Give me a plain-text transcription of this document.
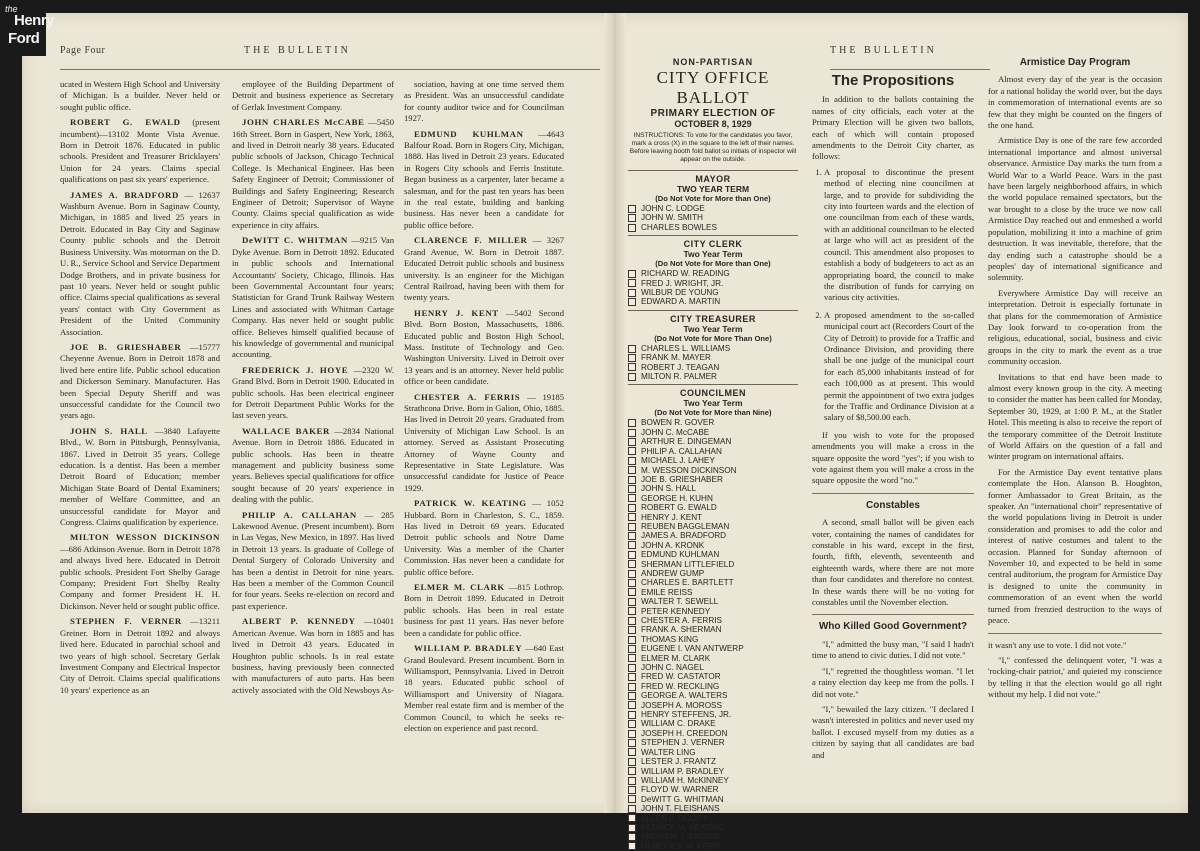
Page Four	THE BULLETIN	THE BULLETIN

ucated in Western High School and University of Michigan. Is a builder. Never held or sought public office.

ROBERT G. EWALD (present incumbent)—13102 Monte Vista Avenue. Born in Detroit 1876. Educated in public schools. President and Treasurer Bricklayers' Union for 24 years. Claims special qualifications on past six years' experience.

JAMES A. BRADFORD — 12637 Washburn Avenue. Born in Saginaw County, Michigan, in 1885 and lived 25 years in Detroit. Educated in Bay City and Saginaw County public schools and the Detroit Business University. Was motorman on the D. U. R., Service School and Service Department Dodge Brothers, and in private business for past 10 years. Never held or sought public office. Claims special qualifications as several years' contact with City Government as President of the United Community Association.

JOE B. GRIESHABER —15777 Cheyenne Avenue. Born in Detroit 1878 and lived here entire life. Public school education and Dickerson Seminary. Manufacturer. Has been Special Deputy Sheriff and was unsuccessful candidate for the Council two years ago.

JOHN S. HALL —3840 Lafayette Blvd., W. Born in Pittsburgh, Pennsylvania, 1867. Lived in Detroit 35 years. College education. Is a dentist. Has been a member Detroit Board of Education; member Michigan State Board of Dental Examiners; member of Welfare Committee, and an unsuccessful candidate for Mayor and Congress. Claims qualification by experience.

MILTON WESSON DICKINSON —686 Atkinson Avenue. Born in Detroit 1878 and always lived here. Educated in Detroit public schools. President Fort Shelby Garage Company; President Fort Shelby Realty Company and former President H. H. Dickinson. Never held or sought public office.

STEPHEN F. VERNER —13211 Greiner. Born in Detroit 1892 and always lived here. Educated in parochial school and two years of high school. Secretary Gerlak Investment Company and Electrical Inspector City of Detroit. Claims special qualifications 10 years' experience as an

employee of the Building Department of Detroit and business experience as Secretary of Gerlak Investment Company.

JOHN CHARLES McCABE —5450 16th Street. Born in Gaspert, New York, 1863, and lived in Detroit nearly 38 years. Educated public schools of Jackson, Chicago Technical College. Is Mechanical Engineer. Has been Safety Engineer of Detroit; Commissioner of Buildings and Safety Engineering; Research Engineer of Detroit; Supervisor of Wayne County. Claims special qualification as wide experience in city affairs.

DeWITT C. WHITMAN —9215 Van Dyke Avenue. Born in Detroit 1892. Educated in public schools and International Accountants' Society, Chicago, Illinois. Has been Governmental Accountant four years; Statistician for Grand Trunk Railway Western Lines and associated with Whitman Cartage Company. Has never held or sought public office. Believes himself qualified because of his knowledge of governmental and municipal accounting.

FREDERICK J. HOYE —2320 W. Grand Blvd. Born in Detroit 1900. Educated in public schools. Has been electrical engineer for Detroit Department Public Works for the last seven years.

WALLACE BAKER —2834 National Avenue. Born in Detroit 1886. Educated in public schools. Has been in theatre management and publicity business some years. Believes special qualifications for office sought because of 20 years' experience in dealing with the public.

PHILIP A. CALLAHAN — 285 Lakewood Avenue. (Present incumbent). Born in Las Vegas, New Mexico, in 1897. Has lived in Detroit 13 years. Is graduate of College of Dental Surgery of Colorado University and has been a dentist in Detroit for nine years. Has been a member of the Common Council for four years. Seeks re-election on record and past experience.

ALBERT P. KENNEDY —10401 American Avenue. Was born in 1885 and has lived in Detroit 43 years. Educated in Houghton public schools. Is in real estate business, having previously been connected with manufacturers of auto parts. Has been actively associated with the Old Newsboys As-

sociation, having at one time served them as President. Was an unsuccessful candidate for county auditor twice and for Councilman 1927.

EDMUND KUHLMAN —4643 Balfour Road. Born in Rogers City, Michigan, 1888. Has lived in Detroit 23 years. Educated in Rogers City schools and Ferris Institute. Began business as a carpenter, later became a salesman, and for the past ten years has been in the real estate, building and banking business. Has never been a candidate for public office before.

CLARENCE F. MILLER — 3267 Grand Avenue, W. Born in Detroit 1887. Educated Detroit public schools and business university. Is an engineer for the Michigan Central Railroad, having been with them for twenty years.

HENRY J. KENT —5402 Second Blvd. Born Boston, Massachusetts, 1886. Educated public and Boston High School, Mass. Institute of Technology and Geo. Washington University. Lived in Detroit over 13 years and is an attorney. Never held public office or been candidate.

CHESTER A. FERRIS — 19185 Strathcona Drive. Born in Galion, Ohio, 1885. Has lived in Detroit 20 years. Graduated from University of Michigan Law School. Is an attorney. Served as Assistant Prosecuting Attorney of Wayne County and Representative in State Legislature. Was unsuccessful candidate for Justice of Peace 1929.

PATRICK W. KEATING — 1052 Hubbard. Born in Charleston, S. C., 1859. Has lived in Detroit 69 years. Educated Detroit public schools and Notre Dame University. Was a member of the Charter Commission. Has never been a candidate for public office before.

ELMER M. CLARK —815 Lothrop. Born in Detroit 1899. Educated in Detroit public schools. Has been in real estate business for past 11 years. Has never before been a candidate for public office.

WILLIAM P. BRADLEY —640 East Grand Boulevard. Present incumbent. Born in Williamsport, Pennsylvania. Lived in Detroit 18 years. Educated public school of Williamsport and University of Niagara. Member real estate firm and is member of the Common Council, to which he seeks re-election on experience and past record.

NON-PARTISAN
CITY OFFICE BALLOT
PRIMARY ELECTION OF
OCTOBER 8, 1929
INSTRUCTIONS: To vote for the candidates you favor, mark a cross (X) in the square to the left of their names. Before leaving booth fold ballot so initials of inspector will appear on the outside.
MAYOR
TWO YEAR TERM
(Do Not Vote for More than One)
JOHN C. LODGE
JOHN W. SMITH
CHARLES BOWLES
CITY CLERK
Two Year Term
(Do Not Vote for More than One)
RICHARD W. READING
FRED J. WRIGHT, JR.
WILBUR DE YOUNG
EDWARD A. MARTIN
CITY TREASURER
Two Year Term
(Do Not Vote for More Than One)
CHARLES L. WILLIAMS
FRANK M. MAYER
ROBERT J. TEAGAN
MILTON R. PALMER
COUNCILMEN
Two Year Term
(Do Not Vote for More than Nine)
BOWEN R. GOVER
JOHN C. McCABE
ARTHUR E. DINGEMAN
PHILIP A. CALLAHAN
MICHAEL J. LAHEY
M. WESSON DICKINSON
JOE B. GRIESHABER
JOHN S. HALL
GEORGE H. KUHN
ROBERT G. EWALD
HENRY J. KENT
REUBEN BAGGLEMAN
JAMES A. BRADFORD
JOHN A. KRONK
EDMUND KUHLMAN
SHERMAN LITTLEFIELD
ANDREW GUMP
CHARLES E. BARTLETT
EMILE REISS
WALTER T. SEWELL
PETER KENNEDY
CHESTER A. FERRIS
FRANK A. SHERMAN
THOMAS KING
EUGENE I. VAN ANTWERP
ELMER M. CLARK
JOHN C. NAGEL
FRED W. CASTATOR
FRED W. RECKLING
GEORGE A. WALTERS
JOSEPH A. MOROSS
HENRY STEFFENS, JR.
WILLIAM C. DRAKE
JOSEPH H. CREEDON
STEPHEN J. VERNER
WALTER LING
LESTER J. FRANTZ
WILLIAM P. BRADLEY
WILLIAM H. McKINNEY
FLOYD W. WARNER
DeWITT G. WHITMAN
JOHN T. FLEISHANS
ALLEN P. GODEY
PATRICK M. KEATING
ANDREW J. BRODIE
MURDOCK M. KERR
The Propositions

In addition to the ballots containing the names of city officials, each voter at the Primary Election will be given two ballots, each of which will contain proposed amendments to the Detroit City charter, as follows:

1. A proposal to discontinue the present method of electing nine councilmen at large, and to provide for subdividing the city into fourteen wards and the election of one councilman from each of these wards, with an additional councilman to be elected at large who will act as president of the council. This amendment also proposes to establish a body of budgeteers to act as an appropriating board, the council to make the distribution of funds for carrying on various city activities.
2. A proposed amendment to the so-called municipal court act (Recorders Court of the City of Detroit) to provide for a Traffic and Ordinance Division, and providing there shall be one judge of the municipal court for each 85,000 inhabitants instead of for each 100,000 as at present. This would permit the appointment of two extra judges for the Traffic and Ordinance Division at a salary of $8,500.00 each.

If you wish to vote for the proposed amendments you will make a cross in the square opposite the word "yes"; if you wish to vote against them you will make a cross in the square opposite the word "no."

Constables

A second, small ballot will be given each voter, containing the names of candidates for constable in his ward, except in the first, fourth, fifth, eleventh, seventeenth and eighteenth wards, where there are not more than four candidates and therefore no contest. In these wards there will be no voting for constables until the November election.

Who Killed Good Government?

"I," admitted the busy man, "I said I hadn't time to attend to civic duties. I did not vote."

"I," regretted the thoughtless woman. "I let a rainy election day keep me from the polls. I did not vote."

"I," bewailed the lazy citizen. "I declared I wasn't interested in politics and never used my ballot. I excused myself from my duties as a citizen by saying that all candidates are bad and

Armistice Day Program

Almost every day of the year is the occasion for a national holiday the world over, but the days in commemoration of international events are so few that they might be counted on the fingers of the one hand.

Armistice Day is one of the rare few accorded international importance and almost universal observance. Armistice Day marks the turn from a World War to a World Peace. Wars in the past have been largely neighborhood affairs, in which the world populace remained spectators, but the war brought to a close by the truce we now call Armistice Day reached out and enmeshed a world population, mobilizing it into a machine of grim destruction. It was inevitable, therefore, that the day ending such a catastrophe should be a peoples' day of international significance and solemnity.

Everywhere Armistice Day will receive an interpretation. Detroit is especially fortunate in that plans for the commemoration of Armistice Day look forward to co-operation from the religious, educational, social, business and civic groups in the city to mark the event as a true community occasion.

Invitations to that end have been made to almost every known group in the city. A meeting to consider the matter has been called for Monday, September 30, 1929, at 1:00 P. M., at the Statler Hotel. This meeting is also to receive the report of the temporary committee of the Detroit Institute of World Affairs on the question of a fall and winter program on international affairs.

For the Armistice Day event tentative plans contemplate the Hon. Alanson B. Houghton, former Ambassador to Great Britain, as the speaker. An "international choir" representative of the world populations living in Detroit is under consideration and promises to add the color and interest of native costumes and talent to the occasion. Planned for Sunday afternoon of November 10, and expected to be held in some central auditorium, the program for Armistice Day is designed to unite the community in commemoration of an event when the world turned from frenzied destruction to the ways of peace.

it wasn't any use to vote. I did not vote."

"I," confessed the delinquent voter, "I was a 'rocking-chair patriot,' and quieted my conscience by telling it that the election would go all right without my help. I did not vote."

the
Henry
Ford
